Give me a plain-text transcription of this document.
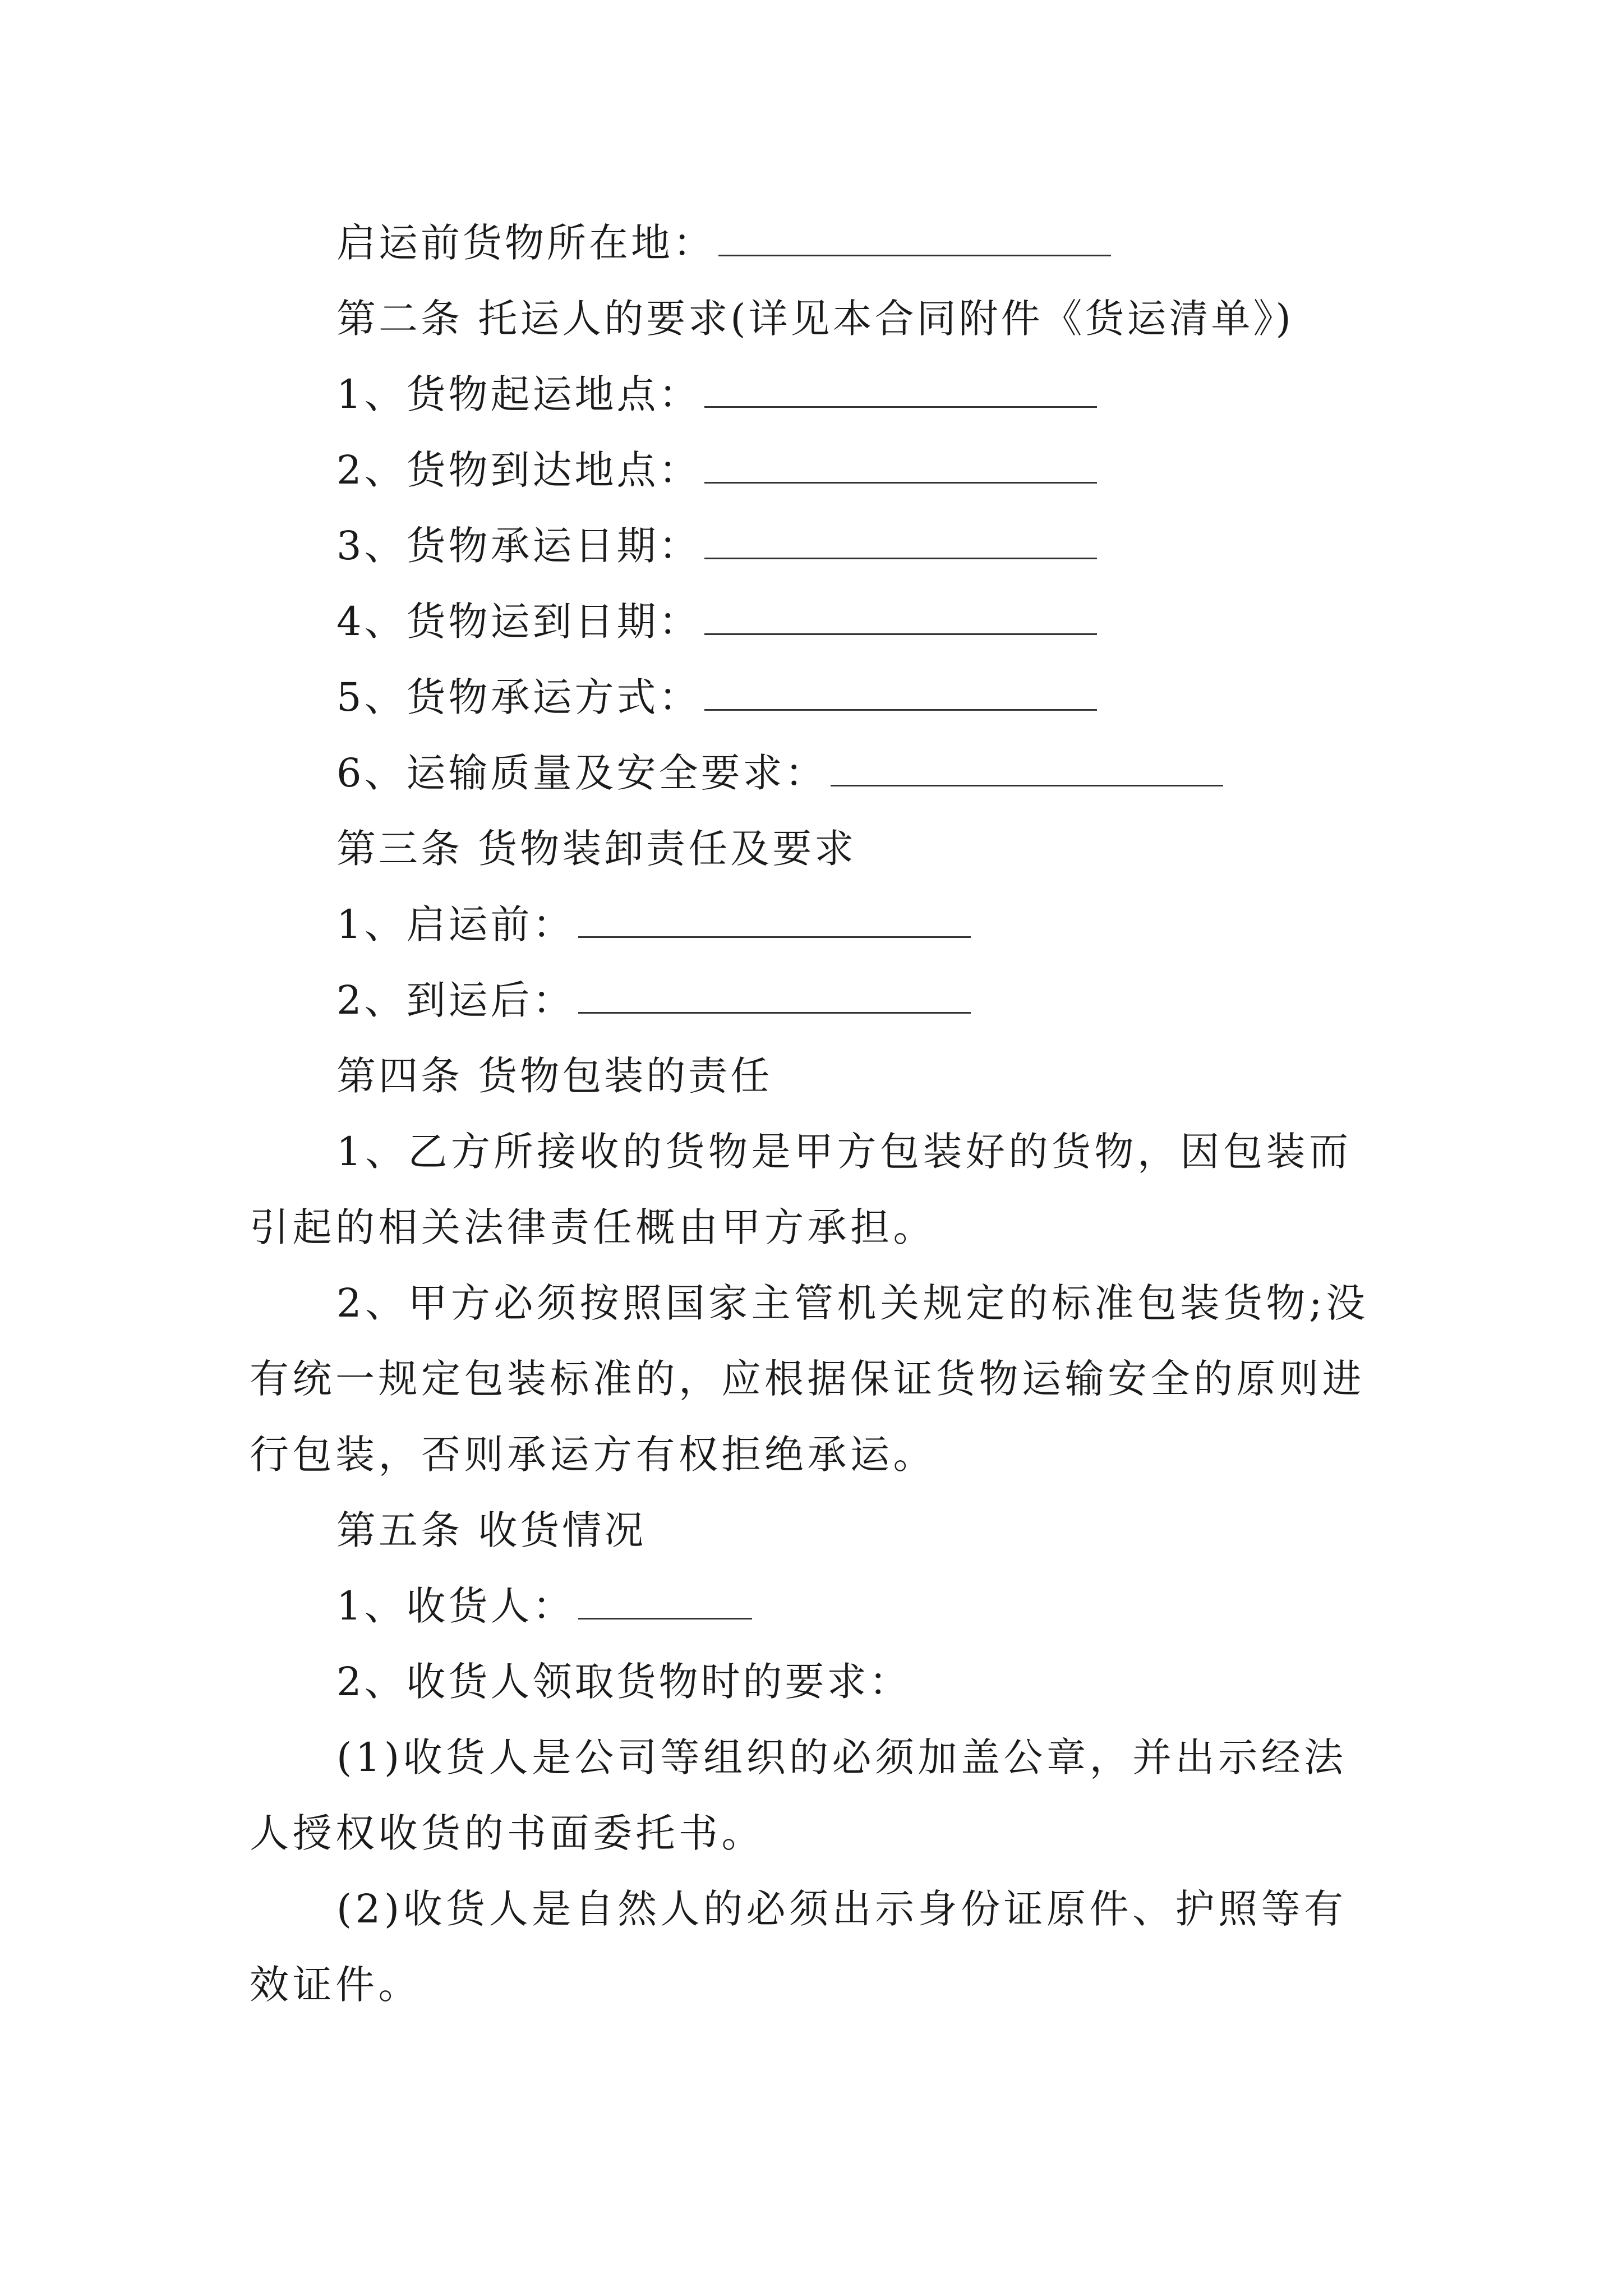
启运前货物所在地：
第二条 托运人的要求(详见本合同附件《货运清单》)
1、货物起运地点：
2、货物到达地点：
3、货物承运日期：
4、货物运到日期：
5、货物承运方式：
6、运输质量及安全要求：
第三条 货物装卸责任及要求
1、启运前：
2、到运后：
第四条 货物包装的责任
1、乙方所接收的货物是甲方包装好的货物，因包装而
引起的相关法律责任概由甲方承担。
2、甲方必须按照国家主管机关规定的标准包装货物;没
有统一规定包装标准的，应根据保证货物运输安全的原则进
行包装，否则承运方有权拒绝承运。
第五条 收货情况
1、收货人：
2、收货人领取货物时的要求：
(1)收货人是公司等组织的必须加盖公章，并出示经法
人授权收货的书面委托书。
(2)收货人是自然人的必须出示身份证原件、护照等有
效证件。
